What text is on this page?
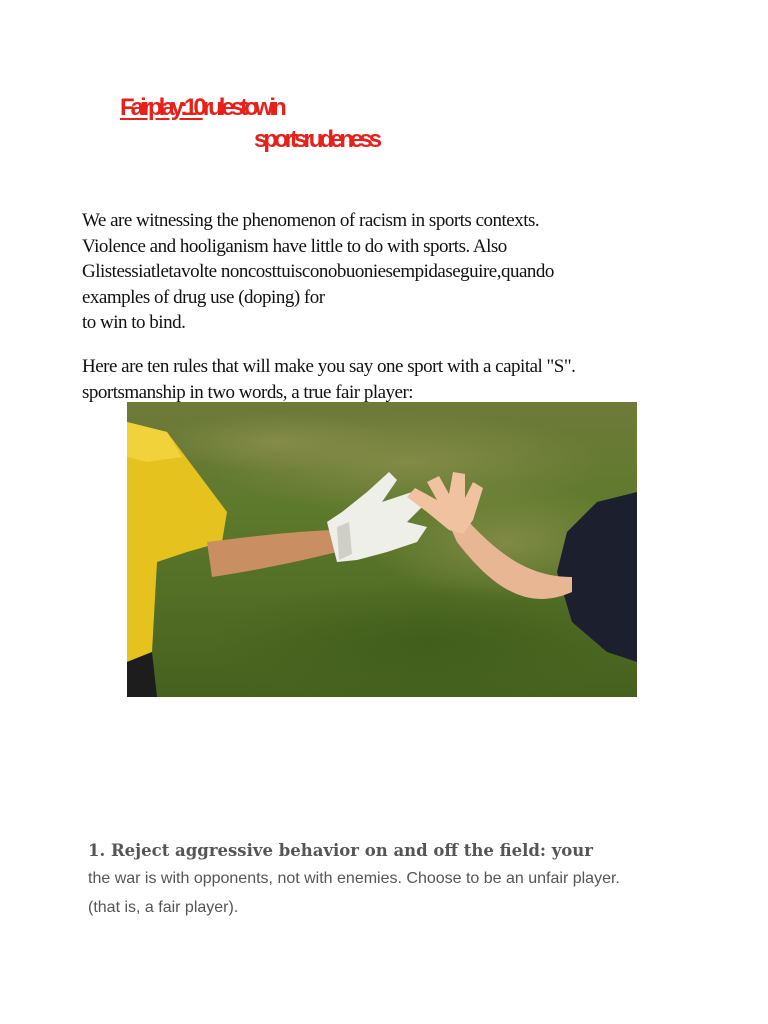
Fairplay:10rulestowin
sportsrudeness
We are witnessing the phenomenon of racism in sports contexts.
Violence and hooliganism have little to do with sports. Also
Glistessiatletavolte noncosttuisconobuoniesempidaseguire,quando
examples of drug use (doping) for
to win to bind.
Here are ten rules that will make you say one sport with a capital "S".
sportsmanship in two words, a true fair player:
1. Reject aggressive behavior on and off the field: your
the war is with opponents, not with enemies. Choose to be an unfair player.
(that is, a fair player).
